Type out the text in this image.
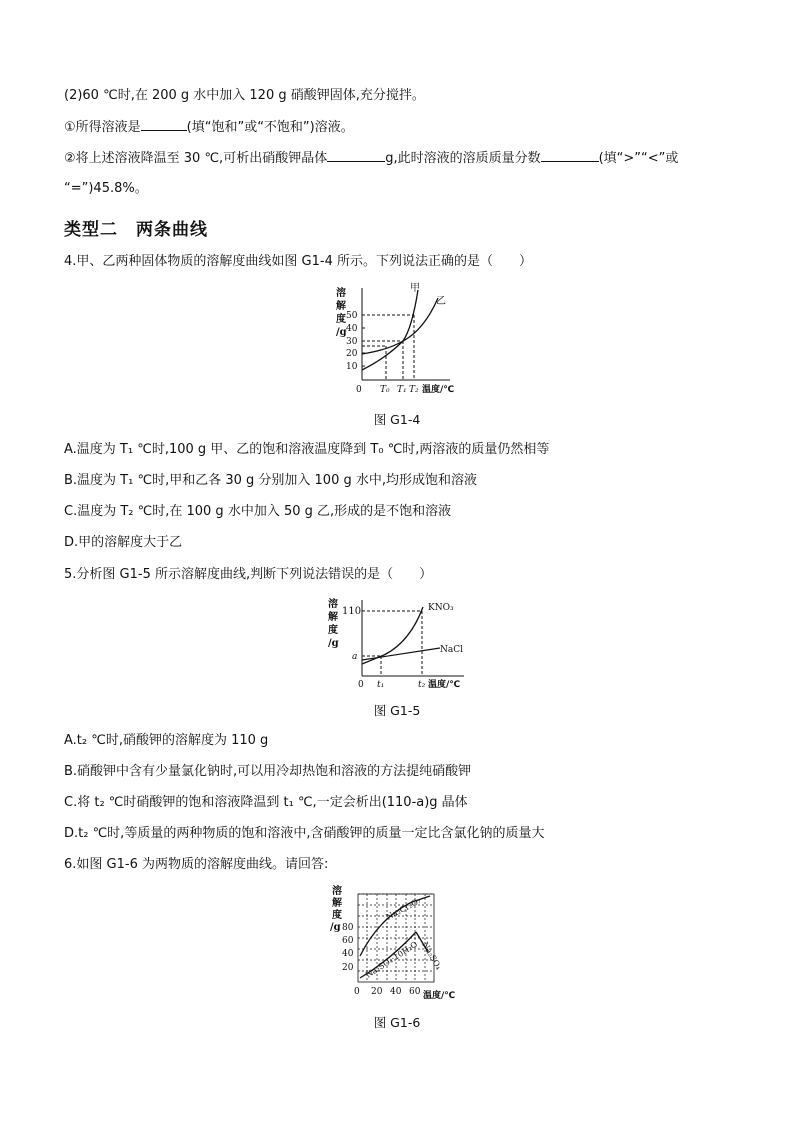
(2)60 ℃时,在 200 g 水中加入 120 g 硝酸钾固体,充分搅拌。
①所得溶液是	(填“饱和”或“不饱和”)溶液。
②将上述溶液降温至 30 ℃,可析出硝酸钾晶体	g,此时溶液的溶质质量分数	(填“>”“<”或
“=”)45.8%。
类型二　两条曲线
4.甲、乙两种固体物质的溶解度曲线如图 G1-4 所示。下列说法正确的是（　　）
溶
解
度
/g
10
20
30
40
50
甲
乙
0 T₀ T₁ T₂ 温度/℃
图 G1-4
A.温度为 T₁ ℃时,100 g 甲、乙的饱和溶液温度降到 T₀ ℃时,两溶液的质量仍然相等
B.温度为 T₁ ℃时,甲和乙各 30 g 分别加入 100 g 水中,均形成饱和溶液
C.温度为 T₂ ℃时,在 100 g 水中加入 50 g 乙,形成的是不饱和溶液
D.甲的溶解度大于乙
5.分析图 G1-5 所示溶解度曲线,判断下列说法错误的是（　　）
溶
解
度
/g
110
a
KNO₃
NaCl
0 t₁	t₂ 温度/℃
图 G1-5
A.t₂ ℃时,硝酸钾的溶解度为 110 g
B.硝酸钾中含有少量氯化钠时,可以用冷却热饱和溶液的方法提纯硝酸钾
C.将 t₂ ℃时硝酸钾的饱和溶液降温到 t₁ ℃,一定会析出(110-a)g 晶体
D.t₂ ℃时,等质量的两种物质的饱和溶液中,含硝酸钾的质量一定比含氯化钠的质量大
6.如图 G1-6 为两物质的溶解度曲线。请回答:
溶
解
度
/g 80
60
40
20
Na₂Cr₂O₇
Na₂SO₄·10H₂O Na₂SO₄
0 20 40 60 温度/℃
图 G1-6
